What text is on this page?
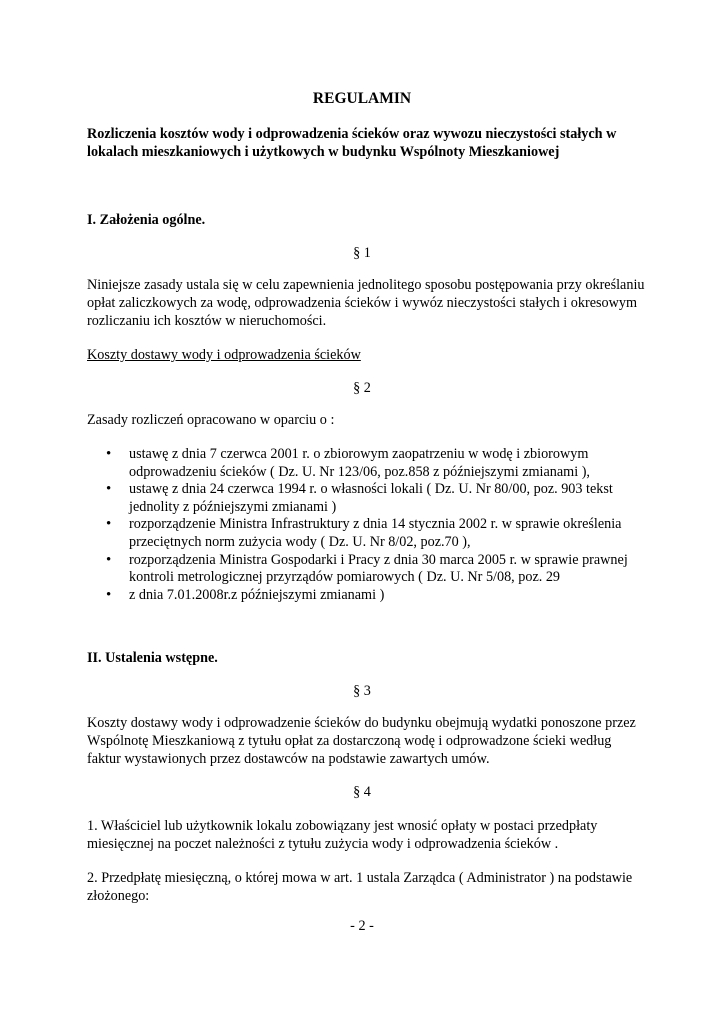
REGULAMIN
Rozliczenia kosztów wody i odprowadzenia ścieków oraz wywozu nieczystości stałych w lokalach mieszkaniowych i użytkowych w budynku Wspólnoty Mieszkaniowej
I. Założenia ogólne.
§ 1
Niniejsze zasady ustala się w celu zapewnienia jednolitego sposobu postępowania przy określaniu opłat zaliczkowych za wodę, odprowadzenia ścieków i wywóz nieczystości stałych i okresowym rozliczaniu ich kosztów w nieruchomości.
Koszty dostawy wody i odprowadzenia ścieków
§ 2
Zasady rozliczeń opracowano w oparciu o :
• ustawę z dnia 7 czerwca 2001 r. o zbiorowym zaopatrzeniu w wodę i zbiorowym odprowadzeniu ścieków ( Dz. U. Nr 123/06, poz.858 z późniejszymi zmianami ),
• ustawę z dnia 24 czerwca 1994 r. o własności lokali ( Dz. U. Nr 80/00, poz. 903 tekst jednolity z późniejszymi zmianami )
• rozporządzenie Ministra Infrastruktury z dnia 14 stycznia 2002 r. w sprawie określenia przeciętnych norm zużycia wody ( Dz. U. Nr 8/02, poz.70 ),
• rozporządzenia Ministra Gospodarki i Pracy z dnia 30 marca 2005 r. w sprawie prawnej kontroli metrologicznej przyrządów pomiarowych ( Dz. U. Nr 5/08, poz. 29
• z dnia 7.01.2008r.z późniejszymi zmianami )
II. Ustalenia wstępne.
§ 3
Koszty dostawy wody i odprowadzenie ścieków do budynku obejmują wydatki ponoszone przez Wspólnotę Mieszkaniową z tytułu opłat za dostarczoną wodę i odprowadzone ścieki według faktur wystawionych przez dostawców na podstawie zawartych umów.
§ 4
1. Właściciel lub użytkownik lokalu zobowiązany jest wnosić opłaty w postaci przedpłaty miesięcznej na poczet należności z tytułu zużycia wody i odprowadzenia ścieków .
2. Przedpłatę miesięczną, o której mowa w art. 1 ustala Zarządca ( Administrator ) na podstawie złożonego:
- 2 -
